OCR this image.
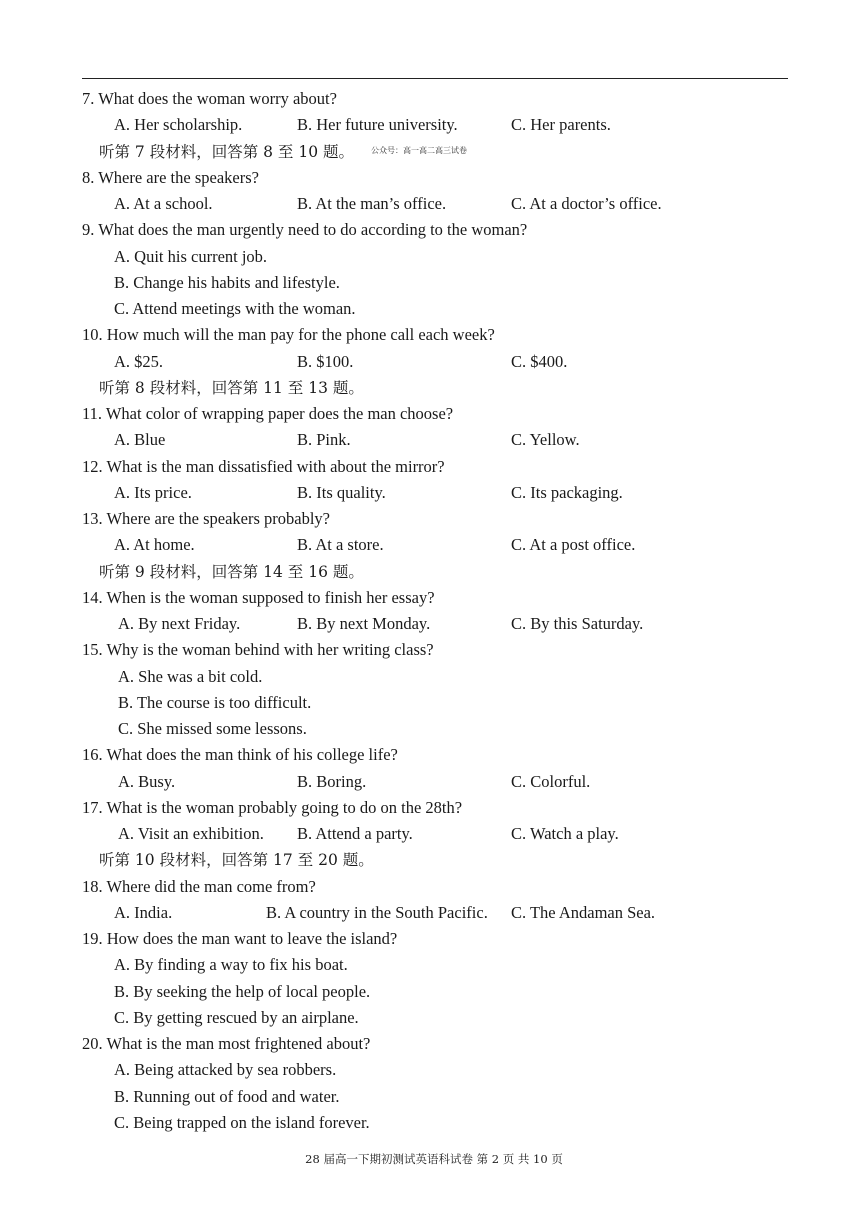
7. What does the woman worry about?
A. Her scholarship.	B. Her future university.	C. Her parents.
听第 7 段材料，回答第 8 至 10 题。 公众号：高一高二高三试卷
8. Where are the speakers?
A. At a school.	B. At the man’s office.	C. At a doctor’s office.
9. What does the man urgently need to do according to the woman?
A. Quit his current job.
B. Change his habits and lifestyle.
C. Attend meetings with the woman.
10. How much will the man pay for the phone call each week?
A. $25.	B. $100.	C. $400.
听第 8 段材料，回答第 11 至 13 题。
11. What color of wrapping paper does the man choose?
A. Blue	B. Pink.	C. Yellow.
12. What is the man dissatisfied with about the mirror?
A. Its price.	B. Its quality.	C. Its packaging.
13. Where are the speakers probably?
A. At home.	B. At a store.	C. At a post office.
听第 9 段材料，回答第 14 至 16 题。
14. When is the woman supposed to finish her essay?
A. By next Friday.	B. By next Monday.	C. By this Saturday.
15. Why is the woman behind with her writing class?
A. She was a bit cold.
B. The course is too difficult.
C. She missed some lessons.
16. What does the man think of his college life?
A. Busy.	B. Boring.	C. Colorful.
17. What is the woman probably going to do on the 28th?
A. Visit an exhibition. B. Attend a party.	C. Watch a play.
听第 10 段材料，回答第 17 至 20 题。
18. Where did the man come from?
A. India.	B. A country in the South Pacific. C. The Andaman Sea.
19. How does the man want to leave the island?
A. By finding a way to fix his boat.
B. By seeking the help of local people.
C. By getting rescued by an airplane.
20. What is the man most frightened about?
A. Being attacked by sea robbers.
B. Running out of food and water.
C. Being trapped on the island forever.
28 届高一下期初测试英语科试卷 第 2 页 共 10 页
